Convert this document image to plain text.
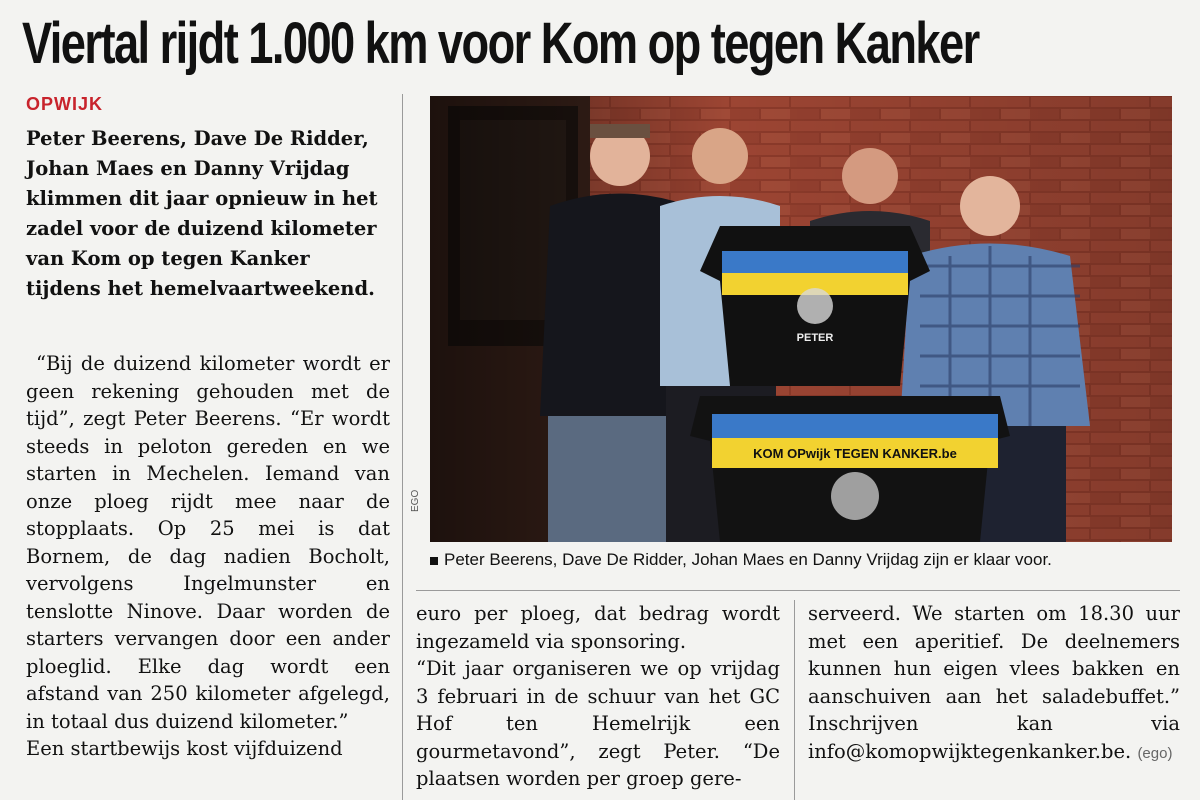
Viertal rijdt 1.000 km voor Kom op tegen Kanker
OPWIJK

Peter Beerens, Dave De Ridder, Johan Maes en Danny Vrijdag klimmen dit jaar opnieuw in het zadel voor de duizend kilometer van Kom op tegen Kanker tijdens het hemelvaartweekend.

“Bij de duizend kilometer wordt er geen rekening gehouden met de tijd”, zegt Peter Beerens. “Er wordt steeds in peloton gereden en we starten in Mechelen. Iemand van onze ploeg rijdt mee naar de stopplaats. Op 25 mei is dat Bornem, de dag nadien Bocholt, vervolgens Ingelmunster en tenslotte Ninove. Daar worden de starters vervangen door een ander ploeglid. Elke dag wordt een afstand van 250 kilometer afgelegd, in totaal dus duizend kilometer.”

Een startbewijs kost vijfduizend

PETER
KOM OPwijk TEGEN KANKER.be
EGO
Peter Beerens, Dave De Ridder, Johan Maes en Danny Vrijdag zijn er klaar voor.

euro per ploeg, dat bedrag wordt ingezameld via sponsoring.

“Dit jaar organiseren we op vrijdag 3 februari in de schuur van het GC Hof ten Hemelrijk een gourmetavond”, zegt Peter. “De plaatsen worden per groep gere-

serveerd. We starten om 18.30 uur met een aperitief. De deelnemers kunnen hun eigen vlees bakken en aanschuiven aan het saladebuffet.” Inschrijven kan via info@komopwijktegenkanker.be. (ego)
